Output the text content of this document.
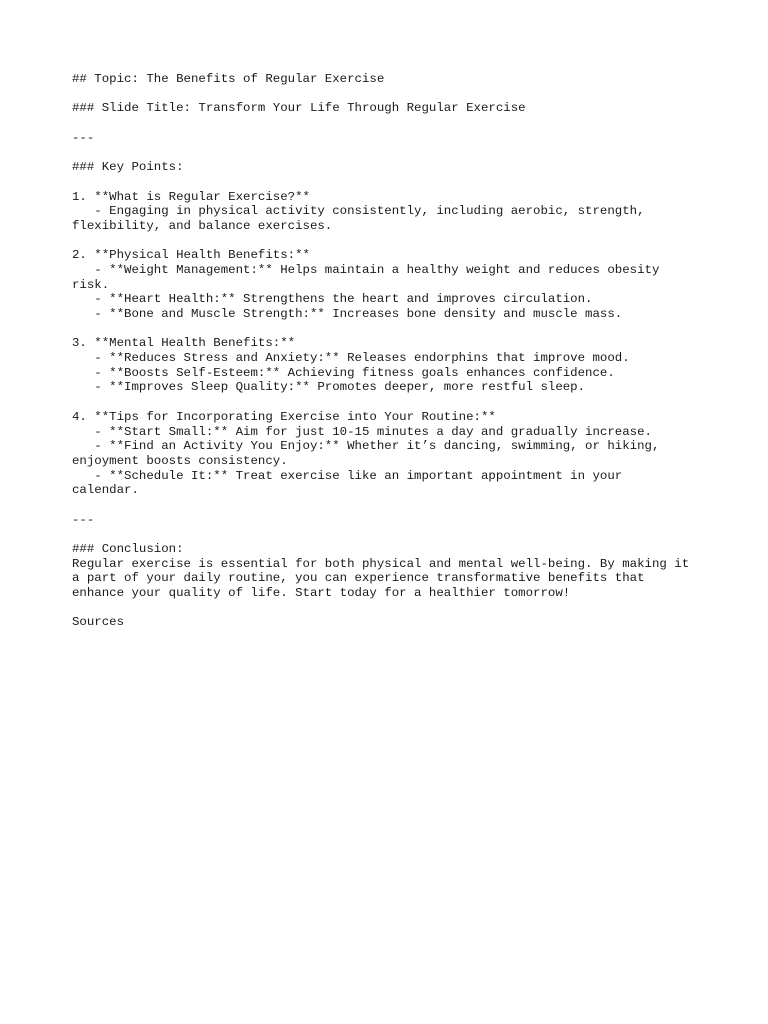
## Topic: The Benefits of Regular Exercise
### Slide Title: Transform Your Life Through Regular Exercise
---
### Key Points:
1. **What is Regular Exercise?**
- Engaging in physical activity consistently, including aerobic, strength,
flexibility, and balance exercises.
2. **Physical Health Benefits:**
- **Weight Management:** Helps maintain a healthy weight and reduces obesity
risk.
- **Heart Health:** Strengthens the heart and improves circulation.
- **Bone and Muscle Strength:** Increases bone density and muscle mass.
3. **Mental Health Benefits:**
- **Reduces Stress and Anxiety:** Releases endorphins that improve mood.
- **Boosts Self-Esteem:** Achieving fitness goals enhances confidence.
- **Improves Sleep Quality:** Promotes deeper, more restful sleep.
4. **Tips for Incorporating Exercise into Your Routine:**
- **Start Small:** Aim for just 10-15 minutes a day and gradually increase.
- **Find an Activity You Enjoy:** Whether it’s dancing, swimming, or hiking,
enjoyment boosts consistency.
- **Schedule It:** Treat exercise like an important appointment in your
calendar.
---
### Conclusion:
Regular exercise is essential for both physical and mental well-being. By making it
a part of your daily routine, you can experience transformative benefits that
enhance your quality of life. Start today for a healthier tomorrow!
Sources
